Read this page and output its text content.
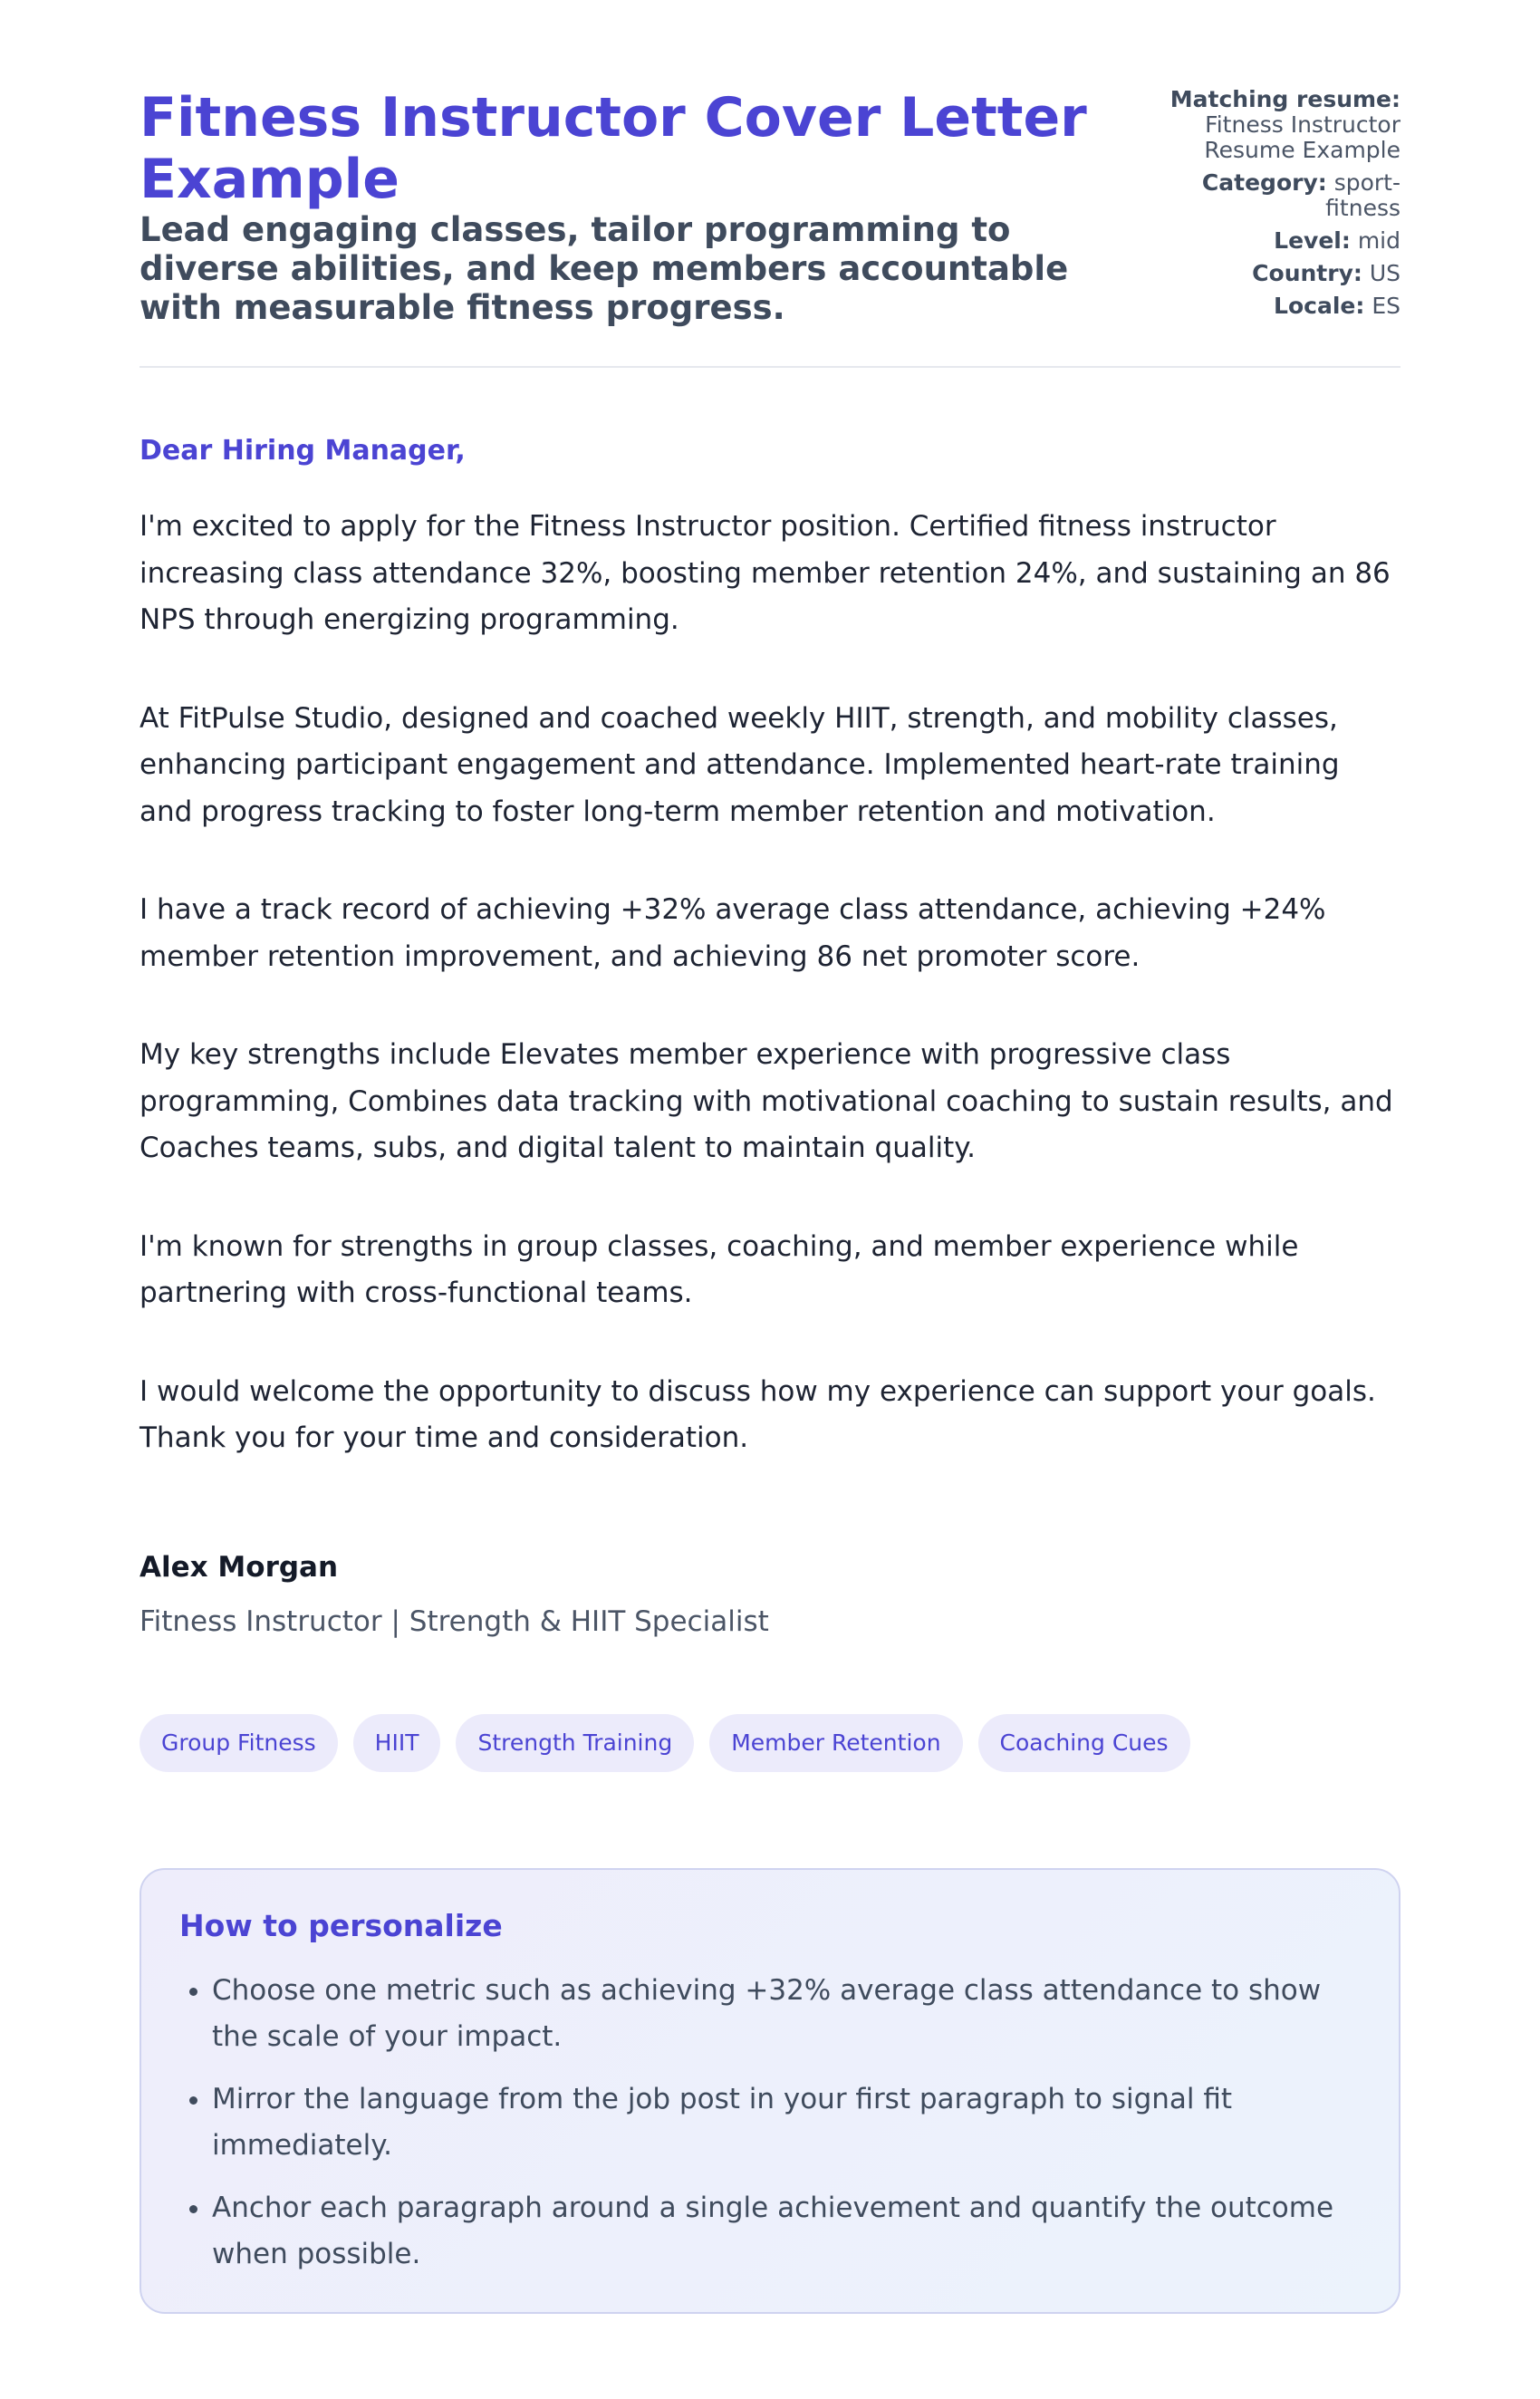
Fitness Instructor Cover Letter Example
Lead engaging classes, tailor programming to diverse abilities, and keep members accountable with measurable fitness progress.
Matching resume: Fitness Instructor Resume Example
Category: sport-fitness
Level: mid
Country: US
Locale: ES

Dear Hiring Manager,

I'm excited to apply for the Fitness Instructor position. Certified fitness instructor increasing class attendance 32%, boosting member retention 24%, and sustaining an 86 NPS through energizing programming.

At FitPulse Studio, designed and coached weekly HIIT, strength, and mobility classes, enhancing participant engagement and attendance. Implemented heart-rate training and progress tracking to foster long-term member retention and motivation.

I have a track record of achieving +32% average class attendance, achieving +24% member retention improvement, and achieving 86 net promoter score.

My key strengths include Elevates member experience with progressive class programming, Combines data tracking with motivational coaching to sustain results, and Coaches teams, subs, and digital talent to maintain quality.

I'm known for strengths in group classes, coaching, and member experience while partnering with cross-functional teams.

I would welcome the opportunity to discuss how my experience can support your goals. Thank you for your time and consideration.

Alex Morgan

Fitness Instructor | Strength & HIIT Specialist

Group Fitness	HIIT	Strength Training	Member Retention	Coaching Cues
How to personalize
• Choose one metric such as achieving +32% average class attendance to show the scale of your impact.
• Mirror the language from the job post in your first paragraph to signal fit immediately.
• Anchor each paragraph around a single achievement and quantify the outcome when possible.
